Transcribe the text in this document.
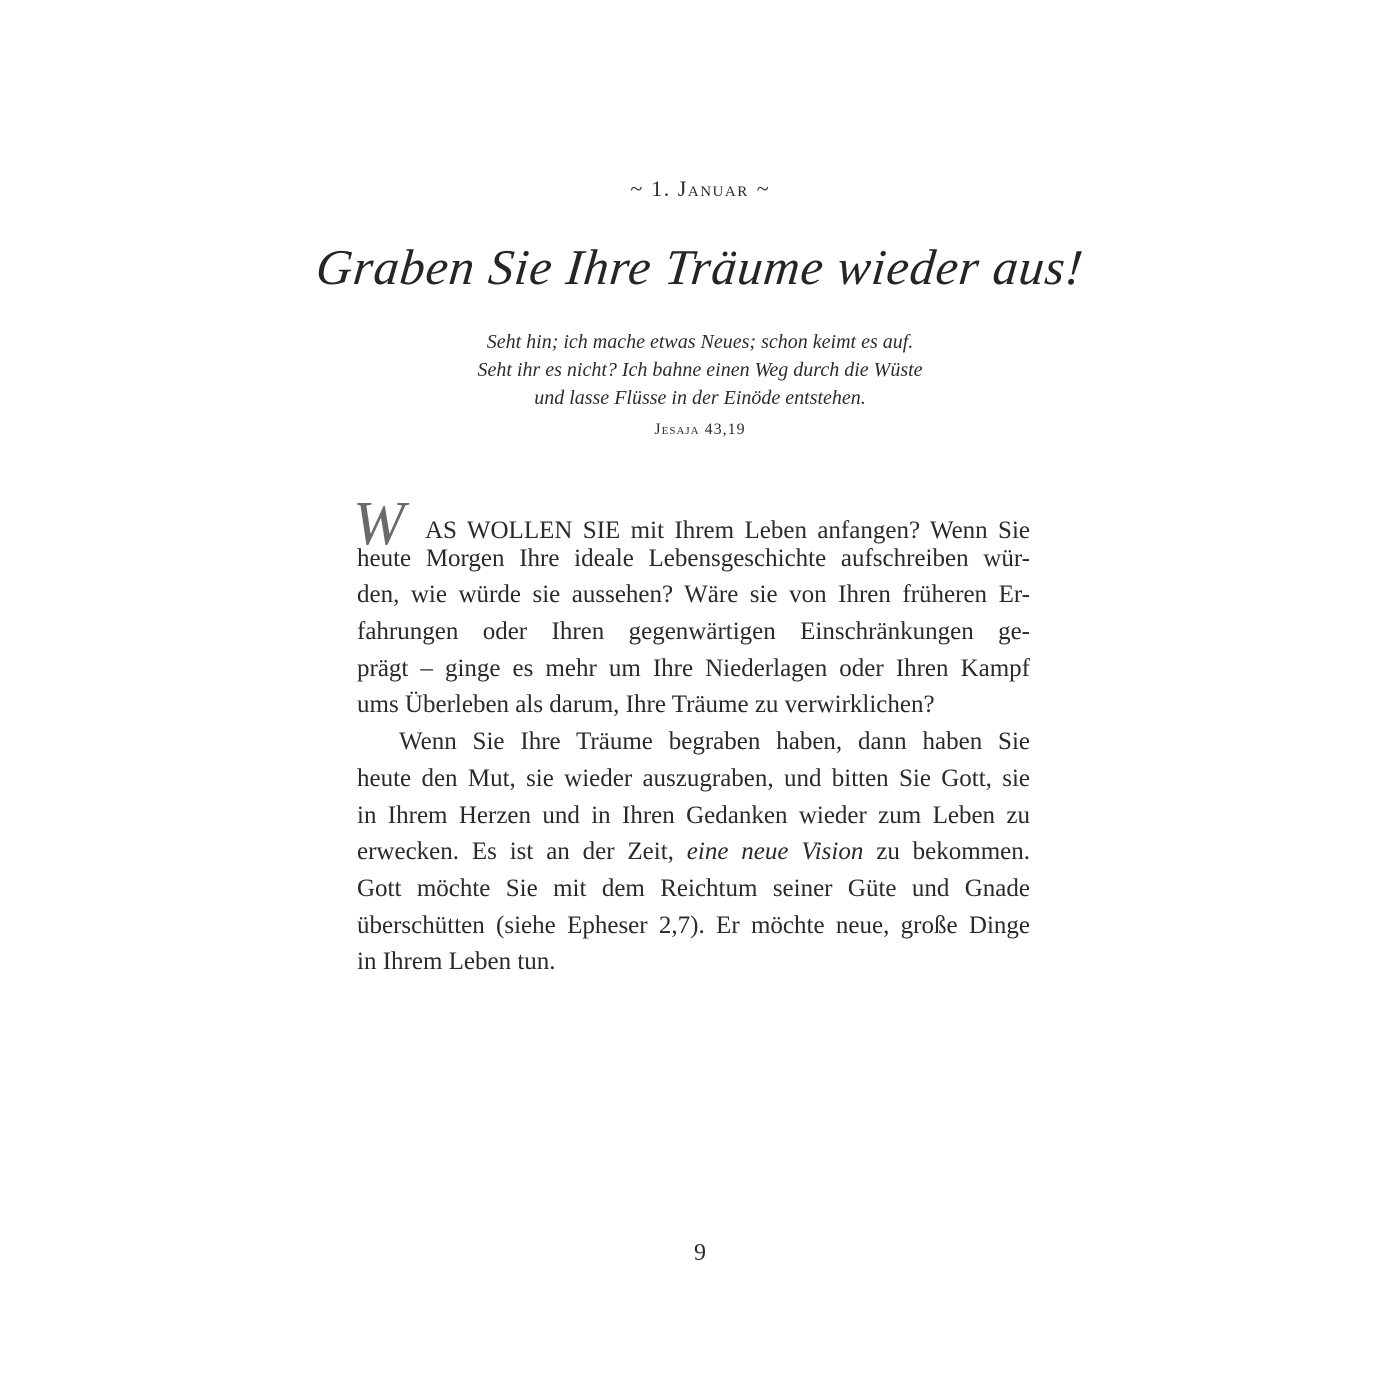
~ 1. Januar ~
Graben Sie Ihre Träume wieder aus!
Seht hin; ich mache etwas Neues; schon keimt es auf.
Seht ihr es nicht? Ich bahne einen Weg durch die Wüste
und lasse Flüsse in der Einöde entstehen.
Jesaja 43,19
WAS WOLLEN SIE mit Ihrem Leben anfangen? Wenn Sie
heute Morgen Ihre ideale Lebensgeschichte aufschreiben wür-
den, wie würde sie aussehen? Wäre sie von Ihren früheren Er-
fahrungen oder Ihren gegenwärtigen Einschränkungen ge-
prägt – ginge es mehr um Ihre Niederlagen oder Ihren Kampf
ums Überleben als darum, Ihre Träume zu verwirklichen?
Wenn Sie Ihre Träume begraben haben, dann haben Sie
heute den Mut, sie wieder auszugraben, und bitten Sie Gott, sie
in Ihrem Herzen und in Ihren Gedanken wieder zum Leben zu
erwecken. Es ist an der Zeit, eine neue Vision zu bekommen.
Gott möchte Sie mit dem Reichtum seiner Güte und Gnade
überschütten (siehe Epheser 2,7). Er möchte neue, große Dinge
in Ihrem Leben tun.
9
